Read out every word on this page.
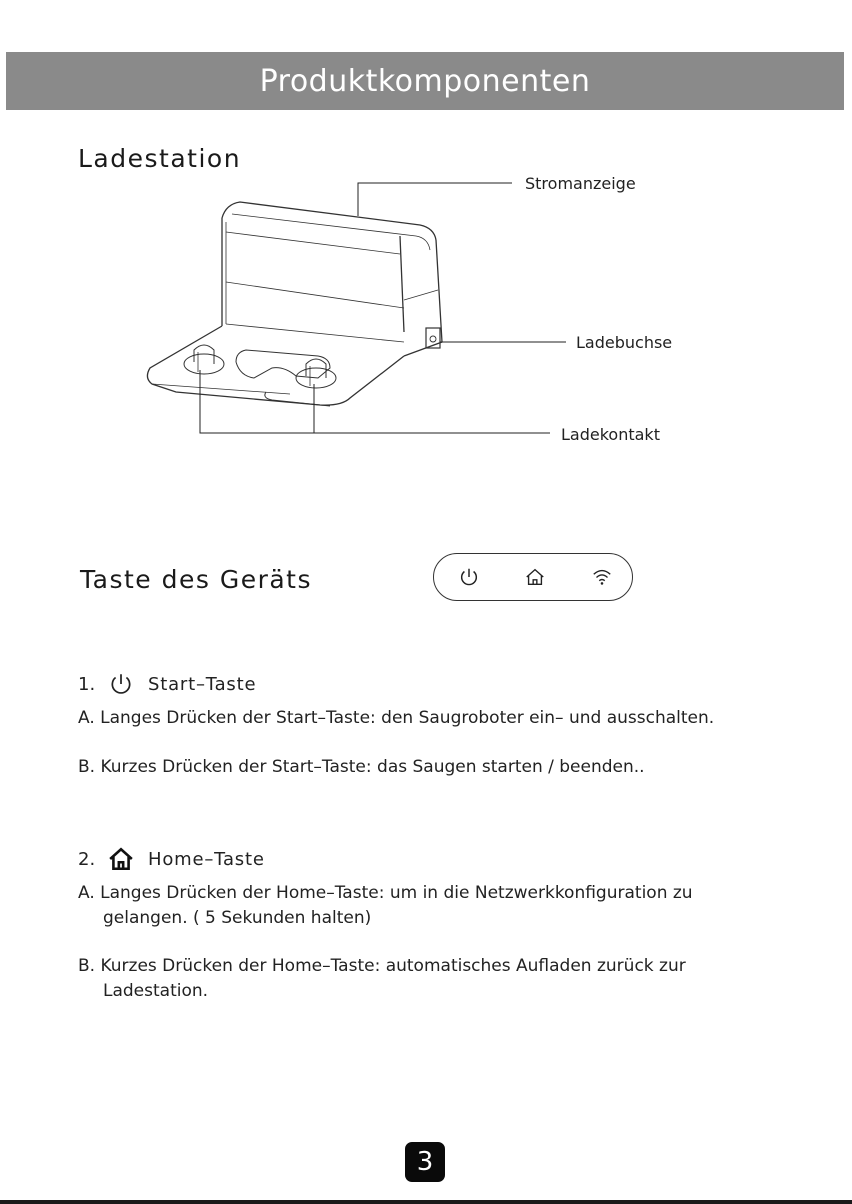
Produktkomponenten
Ladestation
Stromanzeige
Ladebuchse
Ladekontakt
Taste des Geräts
1.	Start–Taste
A. Langes Drücken der Start–Taste: den Saugroboter ein– und ausschalten.
B. Kurzes Drücken der Start–Taste: das Saugen starten / beenden..
2.	Home–Taste
A. Langes Drücken der Home–Taste: um in die Netzwerkkonfiguration zu
gelangen. ( 5 Sekunden halten)
B. Kurzes Drücken der Home–Taste: automatisches Aufladen zurück zur
Ladestation.
3
